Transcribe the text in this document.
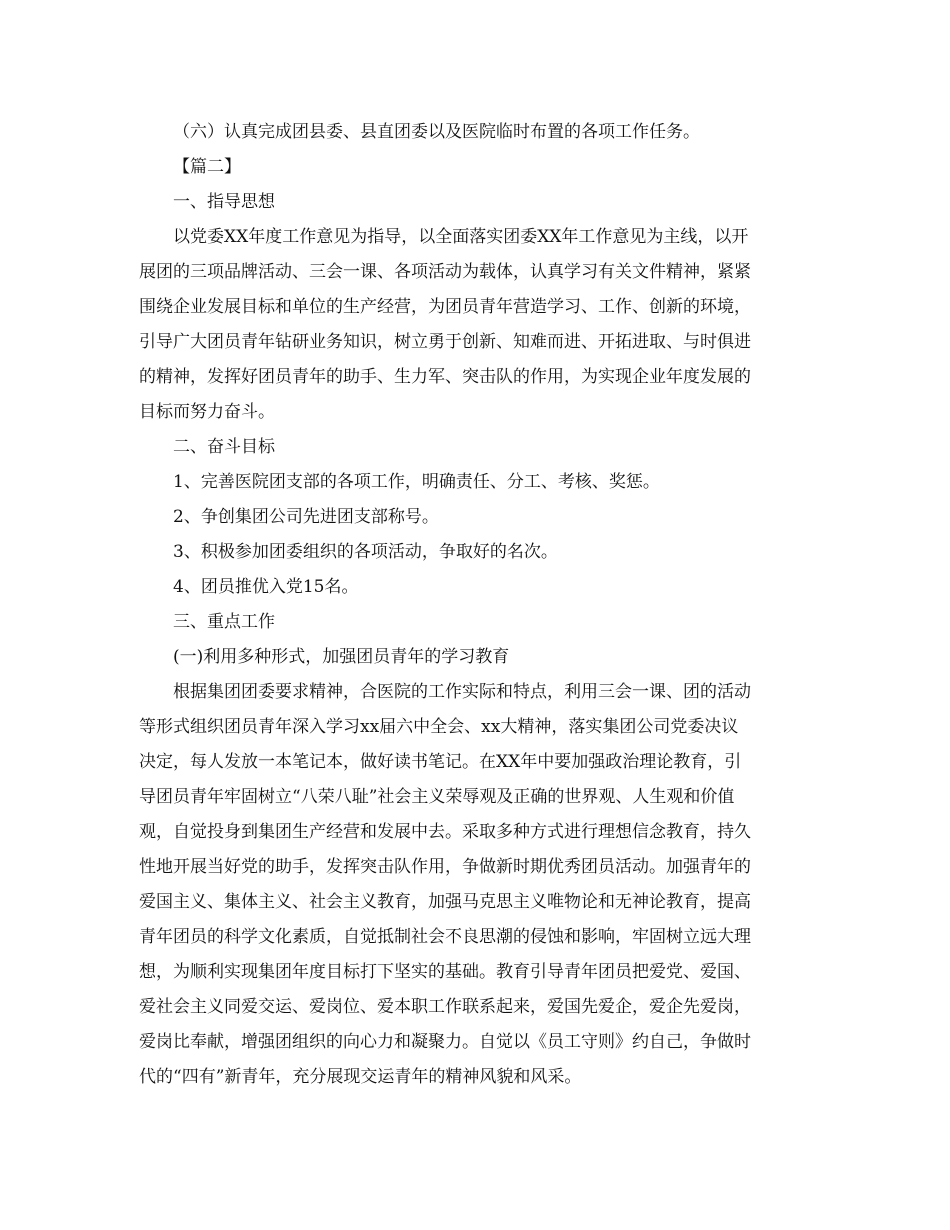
（六）认真完成团县委、县直团委以及医院临时布置的各项工作任务。
【篇二】
一、指导思想
以党委XX年度工作意见为指导，以全面落实团委XX年工作意见为主线，以开
展团的三项品牌活动、三会一课、各项活动为载体，认真学习有关文件精神，紧紧
围绕企业发展目标和单位的生产经营，为团员青年营造学习、工作、创新的环境，
引导广大团员青年钻研业务知识，树立勇于创新、知难而进、开拓进取、与时俱进
的精神，发挥好团员青年的助手、生力军、突击队的作用，为实现企业年度发展的
目标而努力奋斗。
二、奋斗目标
1、完善医院团支部的各项工作，明确责任、分工、考核、奖惩。
2、争创集团公司先进团支部称号。
3、积极参加团委组织的各项活动，争取好的名次。
4、团员推优入党15名。
三、重点工作
(一)利用多种形式，加强团员青年的学习教育
根据集团团委要求精神，合医院的工作实际和特点，利用三会一课、团的活动
等形式组织团员青年深入学习xx届六中全会、xx大精神，落实集团公司党委决议
决定，每人发放一本笔记本，做好读书笔记。在XX年中要加强政治理论教育，引
导团员青年牢固树立“八荣八耻”社会主义荣辱观及正确的世界观、人生观和价值
观，自觉投身到集团生产经营和发展中去。采取多种方式进行理想信念教育，持久
性地开展当好党的助手，发挥突击队作用，争做新时期优秀团员活动。加强青年的
爱国主义、集体主义、社会主义教育，加强马克思主义唯物论和无神论教育，提高
青年团员的科学文化素质，自觉抵制社会不良思潮的侵蚀和影响，牢固树立远大理
想，为顺利实现集团年度目标打下坚实的基础。教育引导青年团员把爱党、爱国、
爱社会主义同爱交运、爱岗位、爱本职工作联系起来，爱国先爱企，爱企先爱岗，
爱岗比奉献，增强团组织的向心力和凝聚力。自觉以《员工守则》约自己，争做时
代的“四有”新青年，充分展现交运青年的精神风貌和风采。
